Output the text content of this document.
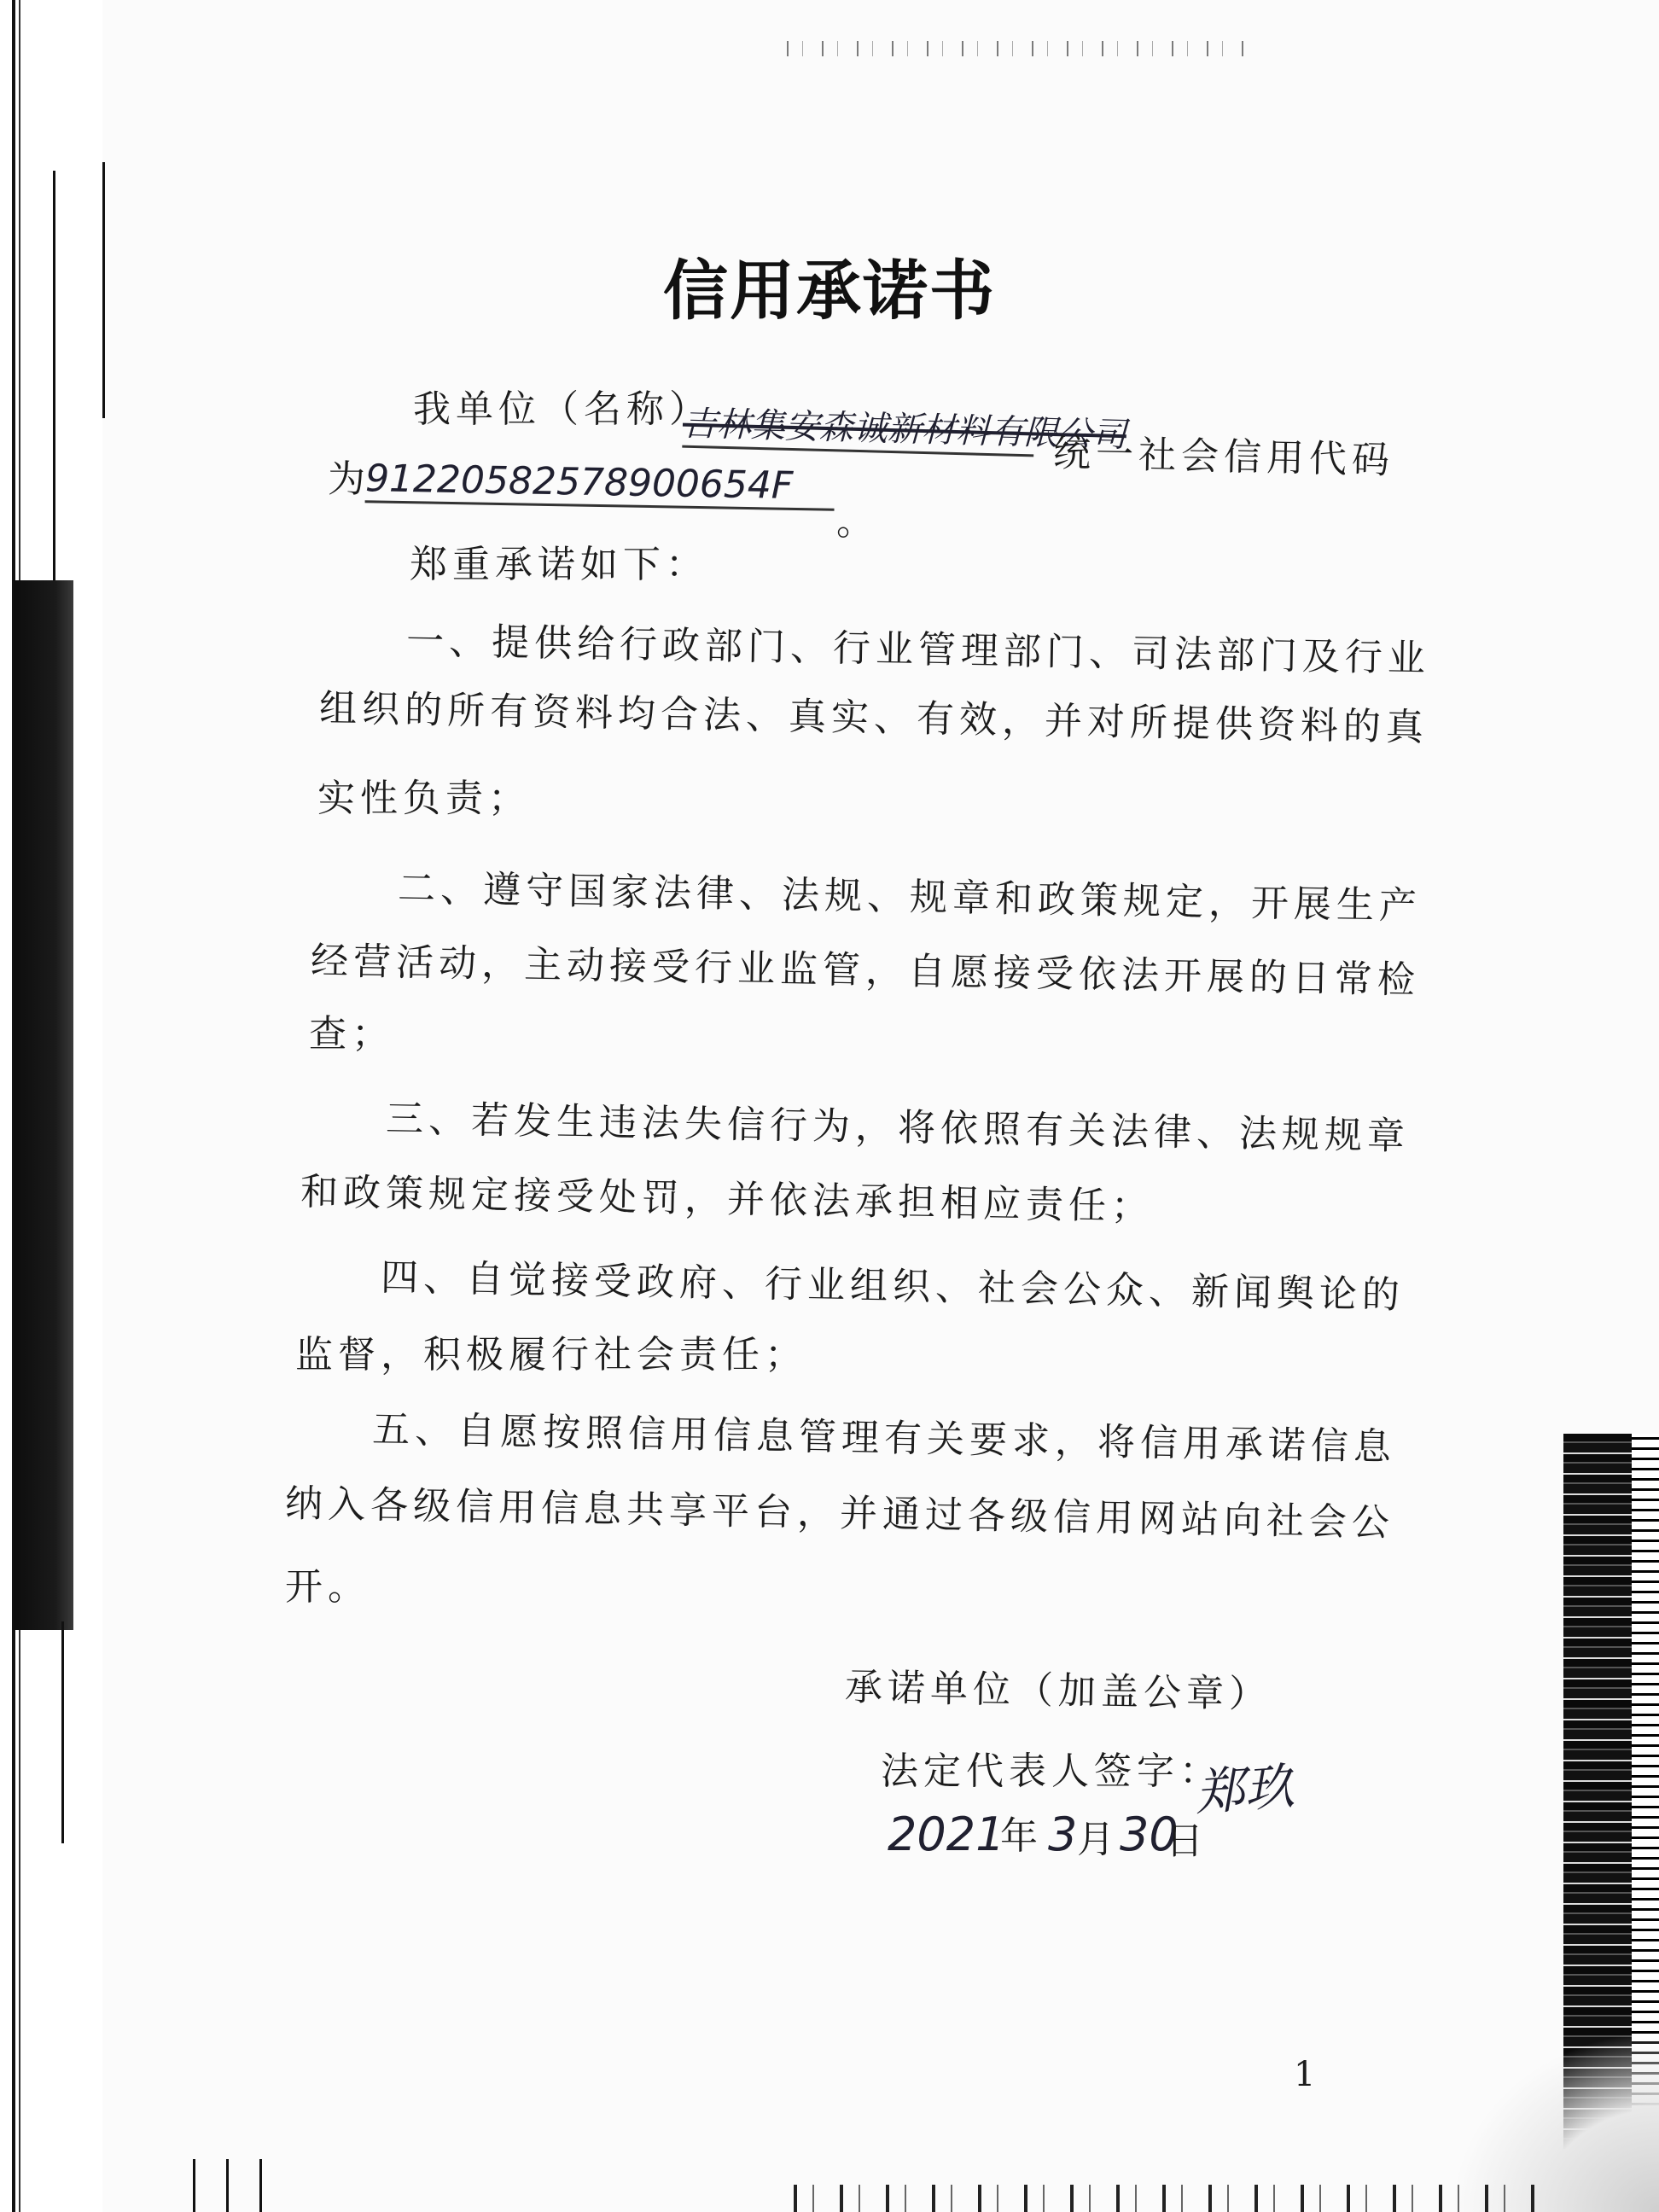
信用承诺书
我单位（名称）
吉林集安森诚新材料有限公司
统一社会信用代码
为
91220582578900654F
。
郑重承诺如下：
一、提供给行政部门、行业管理部门、司法部门及行业
组织的所有资料均合法、真实、有效，并对所提供资料的真
实性负责；
二、遵守国家法律、法规、规章和政策规定，开展生产
经营活动，主动接受行业监管，自愿接受依法开展的日常检
查；
三、若发生违法失信行为，将依照有关法律、法规规章
和政策规定接受处罚，并依法承担相应责任；
四、自觉接受政府、行业组织、社会公众、新闻舆论的
监督，积极履行社会责任；
五、自愿按照信用信息管理有关要求，将信用承诺信息
纳入各级信用信息共享平台，并通过各级信用网站向社会公
开。
承诺单位（加盖公章）
法定代表人签字：
郑玖
2021
年 3 月 30
日
1
